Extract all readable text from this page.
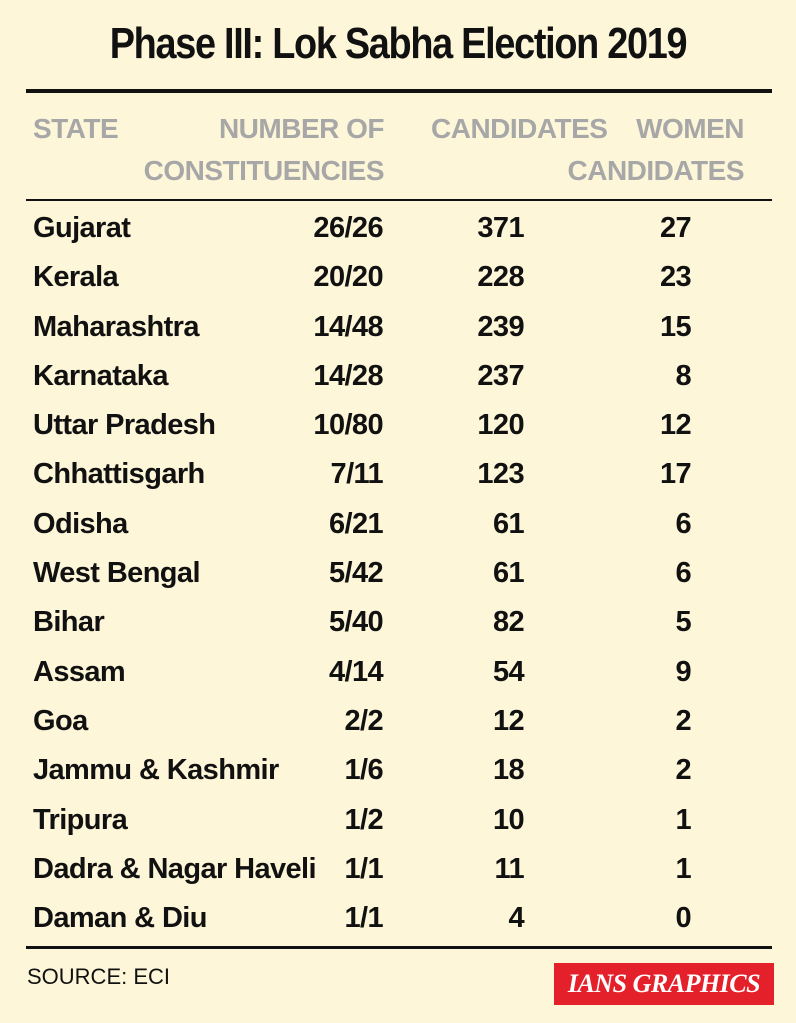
Phase III: Lok Sabha Election 2019
STATE	NUMBER OF
CONSTITUENCIES
CANDIDATES	WOMEN
CANDIDATES
Gujarat	26/26	371	27
Kerala	20/20	228	23
Maharashtra	14/48	239	15
Karnataka	14/28	237	8
Uttar Pradesh	10/80	120	12
Chhattisgarh	7/11	123	17
Odisha	6/21	61	6
West Bengal	5/42	61	6
Bihar	5/40	82	5
Assam	4/14	54	9
Goa	2/2	12	2
Jammu & Kashmir 1/6	18	2
Tripura	1/2	10	1
Dadra & Nagar Haveli 1/1	11	1
Daman & Diu	1/1	4	0
SOURCE: ECI	IANS GRAPHICS
